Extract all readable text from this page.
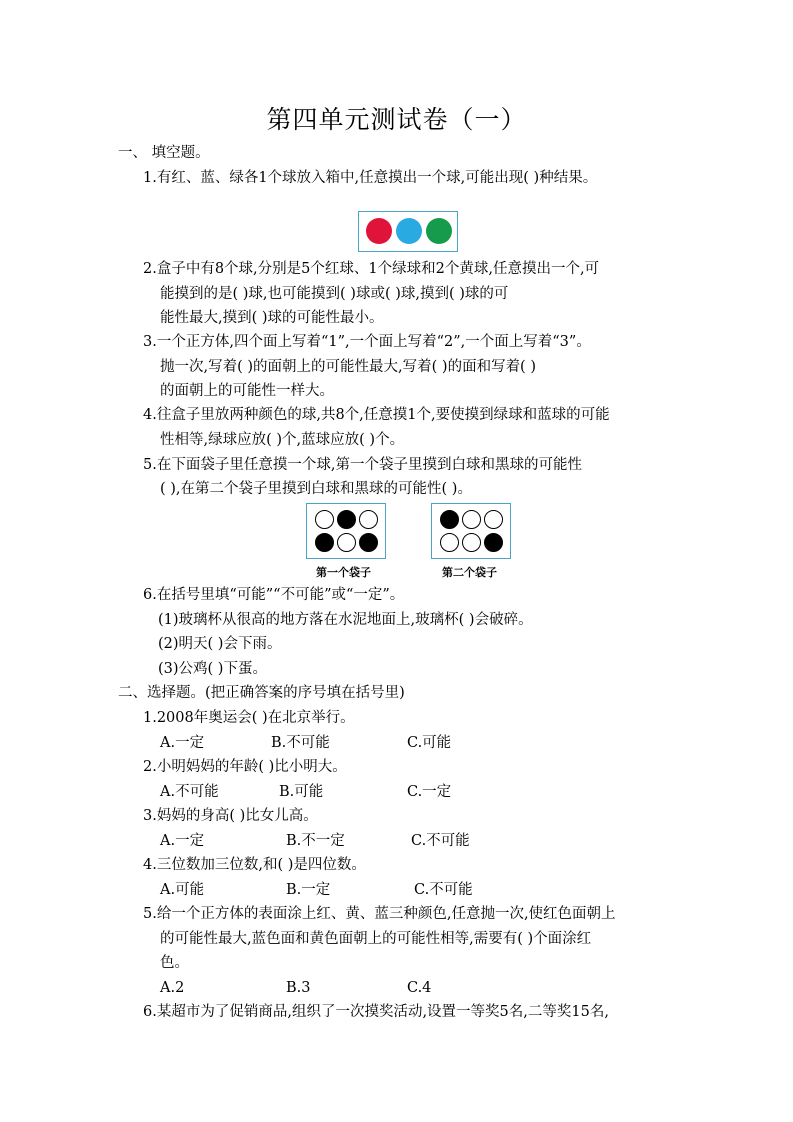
第四单元测试卷（一）
一、 填空题。
1.有红、蓝、绿各1个球放入箱中,任意摸出一个球,可能出现( )种结果。
2.盒子中有8个球,分别是5个红球、1个绿球和2个黄球,任意摸出一个,可
能摸到的是( )球,也可能摸到( )球或( )球,摸到( )球的可
能性最大,摸到( )球的可能性最小。
3.一个正方体,四个面上写着“1”,一个面上写着“2”,一个面上写着“3”。
抛一次,写着( )的面朝上的可能性最大,写着( )的面和写着( )
的面朝上的可能性一样大。
4.往盒子里放两种颜色的球,共8个,任意摸1个,要使摸到绿球和蓝球的可能
性相等,绿球应放( )个,蓝球应放( )个。
5.在下面袋子里任意摸一个球,第一个袋子里摸到白球和黑球的可能性
( ),在第二个袋子里摸到白球和黑球的可能性( )。
第一个袋子	第二个袋子
6.在括号里填“可能”“不可能”或“一定”。
(1)玻璃杯从很高的地方落在水泥地面上,玻璃杯( )会破碎。
(2)明天( )会下雨。
(3)公鸡( )下蛋。
二、选择题。(把正确答案的序号填在括号里)
1.2008年奥运会( )在北京举行。
A.一定	B.不可能	C.可能
2.小明妈妈的年龄( )比小明大。
A.不可能	B.可能	C.一定
3.妈妈的身高( )比女儿高。
A.一定	B.不一定	C.不可能
4.三位数加三位数,和( )是四位数。
A.可能	B.一定	C.不可能
5.给一个正方体的表面涂上红、黄、蓝三种颜色,任意抛一次,使红色面朝上
的可能性最大,蓝色面和黄色面朝上的可能性相等,需要有( )个面涂红
色。
A.2	B.3	C.4
6.某超市为了促销商品,组织了一次摸奖活动,设置一等奖5名,二等奖15名,
